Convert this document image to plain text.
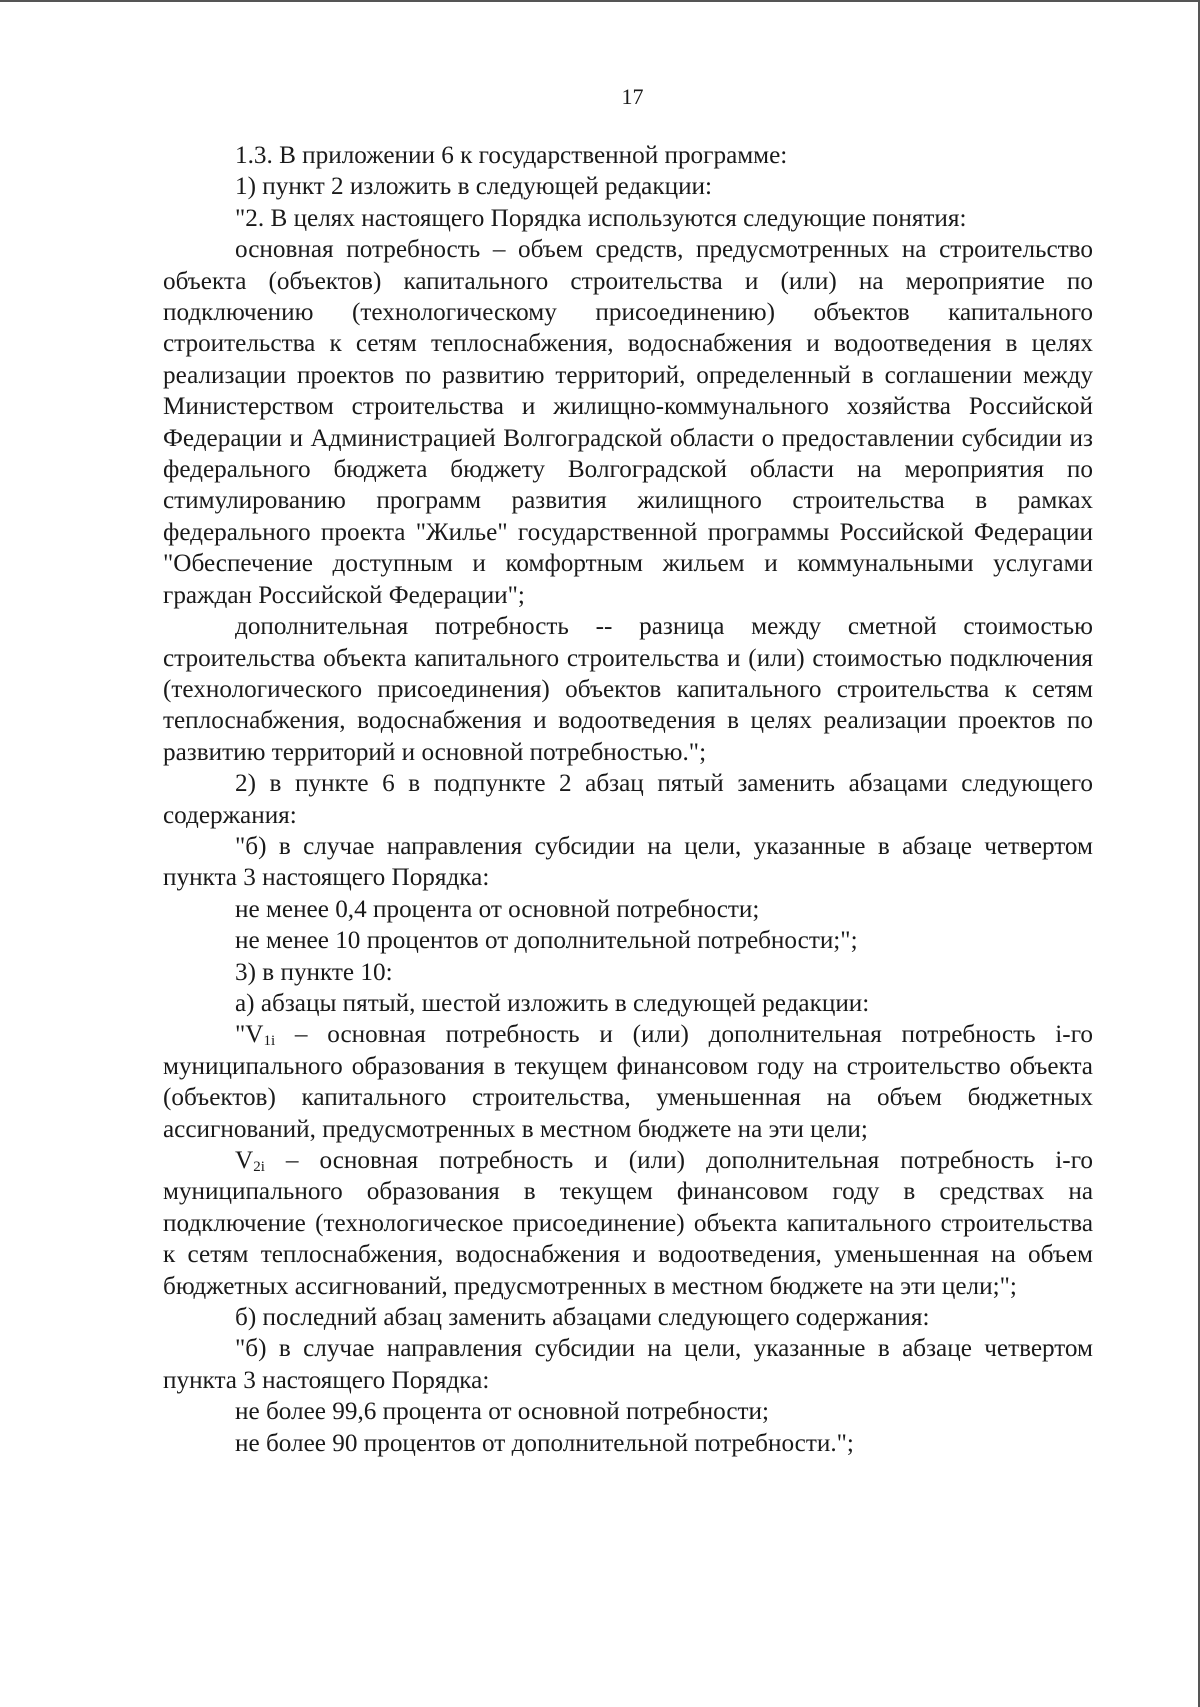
17

1.3. В приложении 6 к государственной программе:

1) пункт 2 изложить в следующей редакции:

"2. В целях настоящего Порядка используются следующие понятия:

основная потребность – объем средств, предусмотренных на строительство объекта (объектов) капитального строительства и (или) на мероприятие по подключению (технологическому присоединению) объектов капитального строительства к сетям теплоснабжения, водоснабжения и водоотведения в целях реализации проектов по развитию территорий, определенный в соглашении между Министерством строительства и жилищно-коммунального хозяйства Российской Федерации и Администрацией Волгоградской области о предоставлении субсидии из федерального бюджета бюджету Волгоградской области на мероприятия по стимулированию программ развития жилищного строительства в рамках федерального проекта "Жилье" государственной программы Российской Федерации "Обеспечение доступным и комфортным жильем и коммунальными услугами граждан Российской Федерации";

дополнительная потребность -- разница между сметной стоимостью строительства объекта капитального строительства и (или) стоимостью подключения (технологического присоединения) объектов капитального строительства к сетям теплоснабжения, водоснабжения и водоотведения в целях реализации проектов по развитию территорий и основной потребностью.";

2) в пункте 6 в подпункте 2 абзац пятый заменить абзацами следующего содержания:

"б) в случае направления субсидии на цели, указанные в абзаце четвертом пункта 3 настоящего Порядка:

не менее 0,4 процента от основной потребности;

не менее 10 процентов от дополнительной потребности;";

3) в пункте 10:

а) абзацы пятый, шестой изложить в следующей редакции:

"$V_{1i}$ – основная потребность и (или) дополнительная потребность i-го муниципального образования в текущем финансовом году на строительство объекта (объектов) капитального строительства, уменьшенная на объем бюджетных ассигнований, предусмотренных в местном бюджете на эти цели;

$V_{2i}$ – основная потребность и (или) дополнительная потребность i-го муниципального образования в текущем финансовом году в средствах на подключение (технологическое присоединение) объекта капитального строительства к сетям теплоснабжения, водоснабжения и водоотведения, уменьшенная на объем бюджетных ассигнований, предусмотренных в местном бюджете на эти цели;";

б) последний абзац заменить абзацами следующего содержания:

"б) в случае направления субсидии на цели, указанные в абзаце четвертом пункта 3 настоящего Порядка:

не более 99,6 процента от основной потребности;

не более 90 процентов от дополнительной потребности.";
